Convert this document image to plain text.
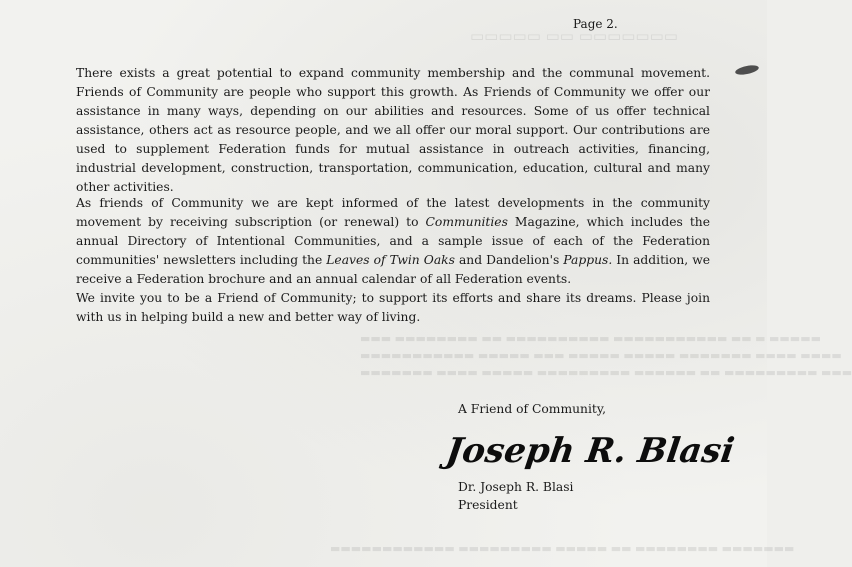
▭▭▭▭▭ ▭▭ ▭▭▭▭▭▭▭
▬▬▬ ▬▬▬▬▬▬▬▬ ▬▬ ▬▬▬▬▬▬▬▬▬▬ ▬▬▬▬▬▬▬▬▬▬▬ ▬▬ ▬ ▬▬▬▬▬
▬▬▬▬▬▬▬▬▬▬▬ ▬▬▬▬▬ ▬▬▬ ▬▬▬▬▬ ▬▬▬▬▬ ▬▬▬▬▬▬▬ ▬▬▬▬ ▬▬▬▬
▬▬▬▬▬▬▬ ▬▬▬▬ ▬▬▬▬▬ ▬▬▬▬▬▬▬▬▬ ▬▬▬▬▬▬ ▬▬ ▬▬▬▬▬▬▬▬▬ ▬▬▬
▬▬▬▬▬▬▬▬▬▬▬▬ ▬▬▬▬▬▬▬▬▬ ▬▬▬▬▬ ▬▬ ▬▬▬▬▬▬▬▬ ▬▬▬▬▬▬▬
Page 2.

There exists a great potential to expand community membership and the communal movement. Friends of Community are people who support this growth. As Friends of Community we offer our assistance in many ways, depending on our abilities and resources. Some of us offer technical assistance, others act as resource people, and we all offer our moral support. Our contributions are used to supplement Federation funds for mutual assistance in outreach activities, financing, industrial development, construction, transportation, communication, education, cultural and many other activities.

As friends of Community we are kept informed of the latest developments in the community movement by receiving subscription (or renewal) to Communities Magazine, which includes the annual Directory of Intentional Communities, and a sample issue of each of the Federation communities' newsletters including the Leaves of Twin Oaks and Dandelion's Pappus. In addition, we receive a Federation brochure and an annual calendar of all Federation events.

We invite you to be a Friend of Community; to support its efforts and share its dreams. Please join with us in helping build a new and better way of living.

A Friend of Community,
Joseph R. Blasi
Dr. Joseph R. Blasi
President
